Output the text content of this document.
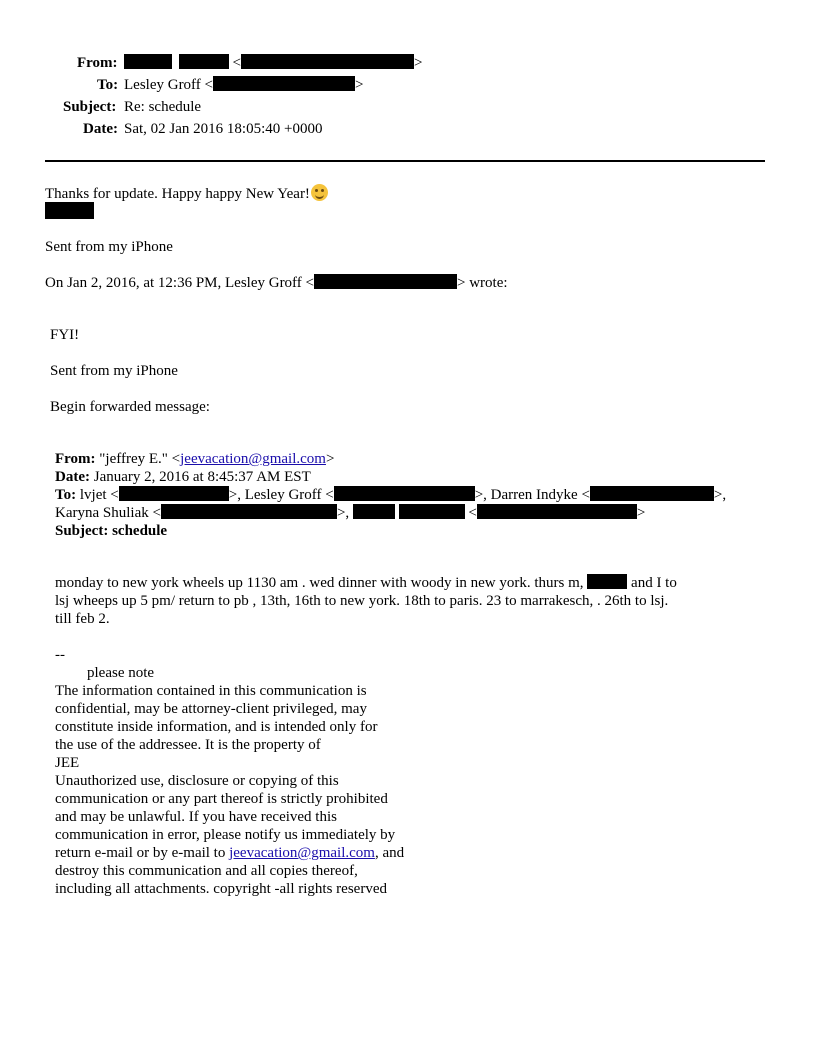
From:	<	>
To: Lesley Groff <	>
Subject: Re: schedule
Date: Sat, 02 Jan 2016 18:05:40 +0000
Thanks for update. Happy happy New Year!
Sent from my iPhone
On Jan 2, 2016, at 12:36 PM, Lesley Groff <	> wrote:
FYI!
Sent from my iPhone
Begin forwarded message:
From: "jeffrey E." <jeevacation@gmail.com>
Date: January 2, 2016 at 8:45:37 AM EST
To: lvjet <	>, Lesley Groff <	>, Darren Indyke <	>,
Karyna Shuliak <	>,	<	>
Subject: schedule
monday to new york wheels up 1130 am . wed dinner with woody in new york. thurs m,	and I to
lsj wheeps up 5 pm/ return to pb , 13th, 16th to new york. 18th to paris. 23 to marrakesch, . 26th to lsj.
till feb 2.
--
please note
The information contained in this communication is
confidential, may be attorney-client privileged, may
constitute inside information, and is intended only for
the use of the addressee. It is the property of
JEE
Unauthorized use, disclosure or copying of this
communication or any part thereof is strictly prohibited
and may be unlawful. If you have received this
communication in error, please notify us immediately by
return e-mail or by e-mail to jeevacation@gmail.com, and
destroy this communication and all copies thereof,
including all attachments. copyright -all rights reserved
